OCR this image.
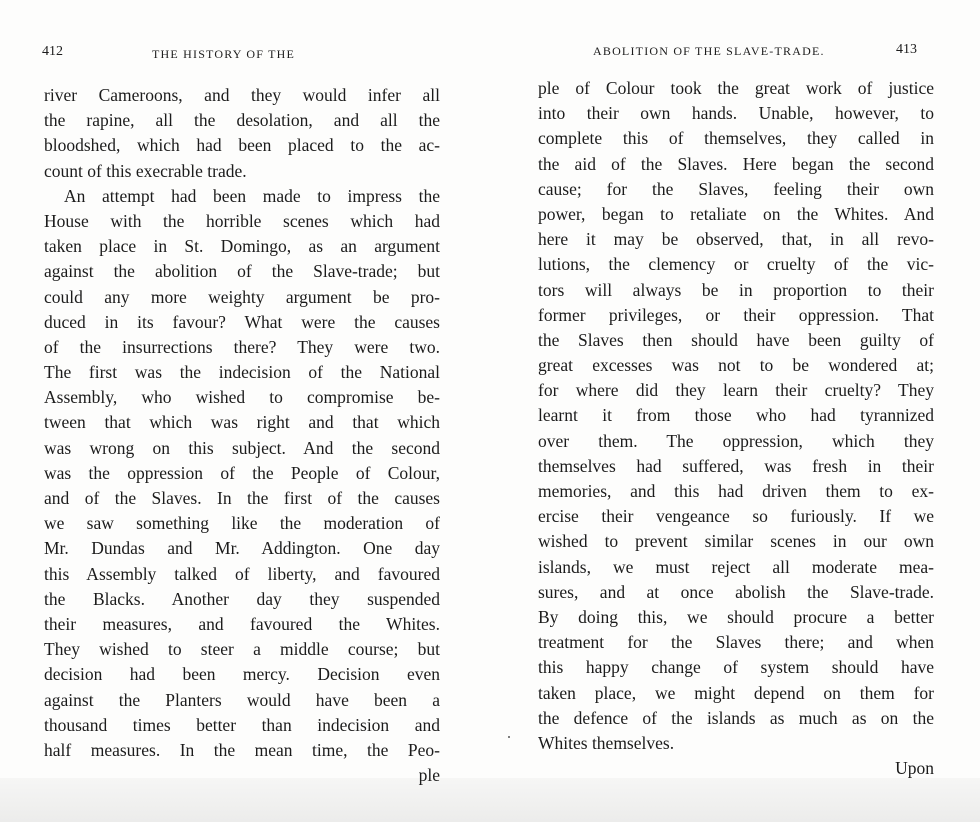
412	THE HISTORY OF THE
river Cameroons, and they would infer all
the rapine, all the desolation, and all the
bloodshed, which had been placed to the ac-
count of this execrable trade.
An attempt had been made to impress the
House with the horrible scenes which had
taken place in St. Domingo, as an argument
against the abolition of the Slave-trade; but
could any more weighty argument be pro-
duced in its favour? What were the causes
of the insurrections there? They were two.
The first was the indecision of the National
Assembly, who wished to compromise be-
tween that which was right and that which
was wrong on this subject. And the second
was the oppression of the People of Colour,
and of the Slaves. In the first of the causes
we saw something like the moderation of
Mr. Dundas and Mr. Addington. One day
this Assembly talked of liberty, and favoured
the Blacks. Another day they suspended
their measures, and favoured the Whites.
They wished to steer a middle course; but
decision had been mercy. Decision even
against the Planters would have been a
thousand times better than indecision and
half measures. In the mean time, the Peo-
ple
ABOLITION OF THE SLAVE-TRADE.	413
ple of Colour took the great work of justice
into their own hands. Unable, however, to
complete this of themselves, they called in
the aid of the Slaves. Here began the second
cause; for the Slaves, feeling their own
power, began to retaliate on the Whites. And
here it may be observed, that, in all revo-
lutions, the clemency or cruelty of the vic-
tors will always be in proportion to their
former privileges, or their oppression. That
the Slaves then should have been guilty of
great excesses was not to be wondered at;
for where did they learn their cruelty? They
learnt it from those who had tyrannized
over them. The oppression, which they
themselves had suffered, was fresh in their
memories, and this had driven them to ex-
ercise their vengeance so furiously. If we
wished to prevent similar scenes in our own
islands, we must reject all moderate mea-
sures, and at once abolish the Slave-trade.
By doing this, we should procure a better
treatment for the Slaves there; and when
this happy change of system should have
taken place, we might depend on them for
the defence of the islands as much as on the
Whites themselves.
Upon
